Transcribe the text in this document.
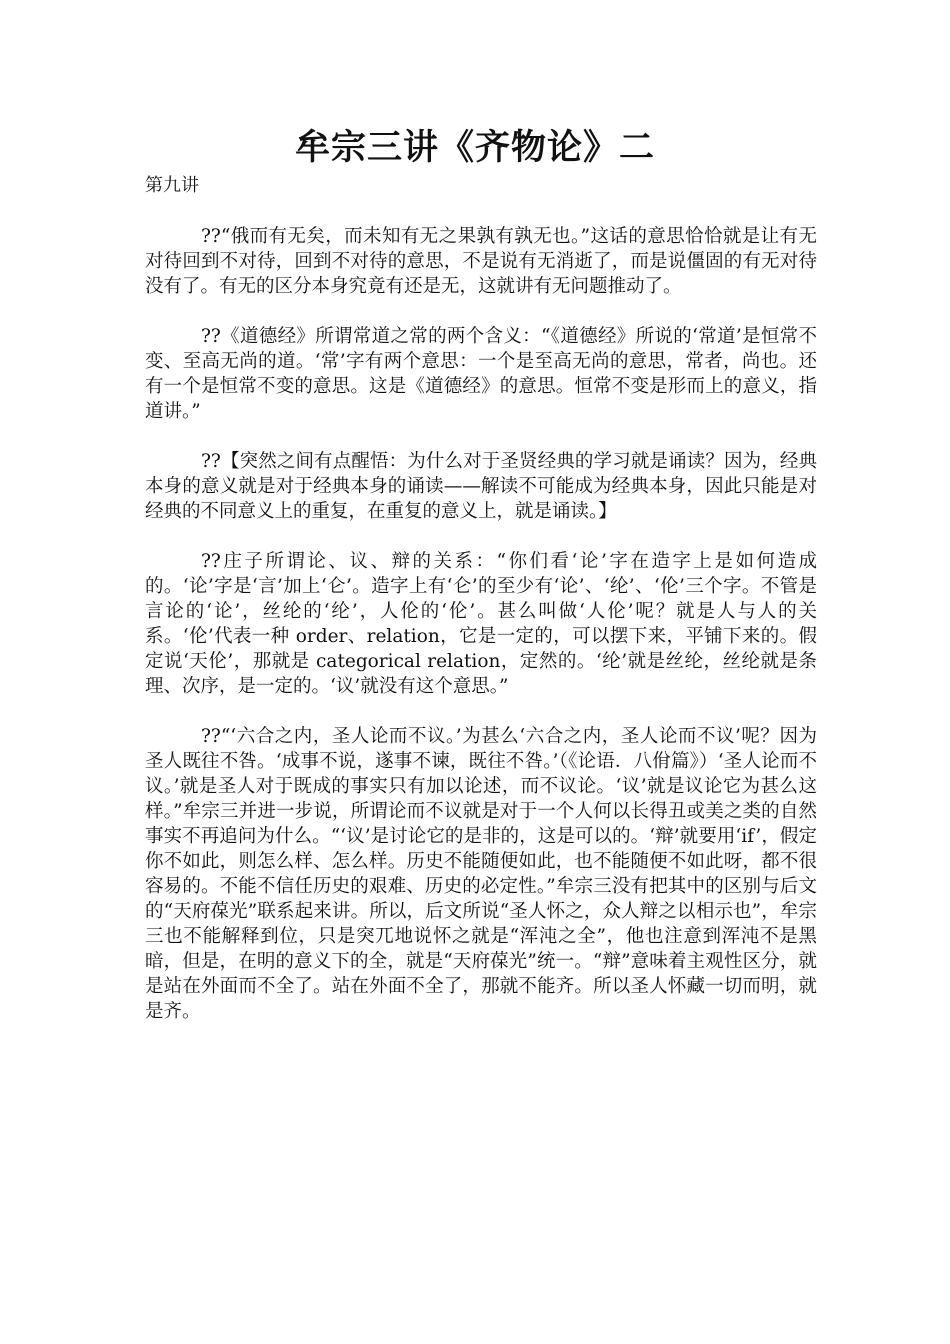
牟宗三讲《齐物论》二
第九讲

??“俄而有无矣，而未知有无之果孰有孰无也。”这话的意思恰恰就是让有无对待回到不对待，回到不对待的意思，不是说有无消逝了，而是说僵固的有无对待没有了。有无的区分本身究竟有还是无，这就讲有无问题推动了。

??《道德经》所谓常道之常的两个含义：“《道德经》所说的‘常道’是恒常不变、至高无尚的道。‘常’字有两个意思：一个是至高无尚的意思，常者，尚也。还有一个是恒常不变的意思。这是《道德经》的意思。恒常不变是形而上的意义，指道讲。”

??【突然之间有点醒悟：为什么对于圣贤经典的学习就是诵读？因为，经典本身的意义就是对于经典本身的诵读——解读不可能成为经典本身，因此只能是对经典的不同意义上的重复，在重复的意义上，就是诵读。】

??庄子所谓论、议、辩的关系：“你们看‘论’字在造字上是如何造成的。‘论’字是‘言’加上‘仑’。造字上有‘仑’的至少有‘论’、‘纶’、‘伦’三个字。不管是言论的‘论’，丝纶的‘纶’，人伦的‘伦’。甚么叫做‘人伦’呢？就是人与人的关系。‘伦’代表一种 order、relation，它是一定的，可以摆下来，平铺下来的。假定说‘天伦’，那就是 categorical relation，定然的。‘纶’就是丝纶，丝纶就是条理、次序，是一定的。‘议’就没有这个意思。”

??“‘六合之内，圣人论而不议。’为甚么‘六合之内，圣人论而不议’呢？因为圣人既往不咎。‘成事不说，遂事不谏，既往不咎。’（《论语．八佾篇》）‘圣人论而不议。’就是圣人对于既成的事实只有加以论述，而不议论。‘议’就是议论它为甚么这样。”牟宗三并进一步说，所谓论而不议就是对于一个人何以长得丑或美之类的自然事实不再追问为什么。“‘议’是讨论它的是非的，这是可以的。‘辩’就要用‘if’，假定你不如此，则怎么样、怎么样。历史不能随便如此，也不能随便不如此呀，都不很容易的。不能不信任历史的艰难、历史的必定性。”牟宗三没有把其中的区别与后文的“天府葆光”联系起来讲。所以，后文所说“圣人怀之，众人辩之以相示也”，牟宗三也不能解释到位，只是突兀地说怀之就是“浑沌之全”，他也注意到浑沌不是黑暗，但是，在明的意义下的全，就是“天府葆光”统一。“辩”意味着主观性区分，就是站在外面而不全了。站在外面不全了，那就不能齐。所以圣人怀藏一切而明，就是齐。
